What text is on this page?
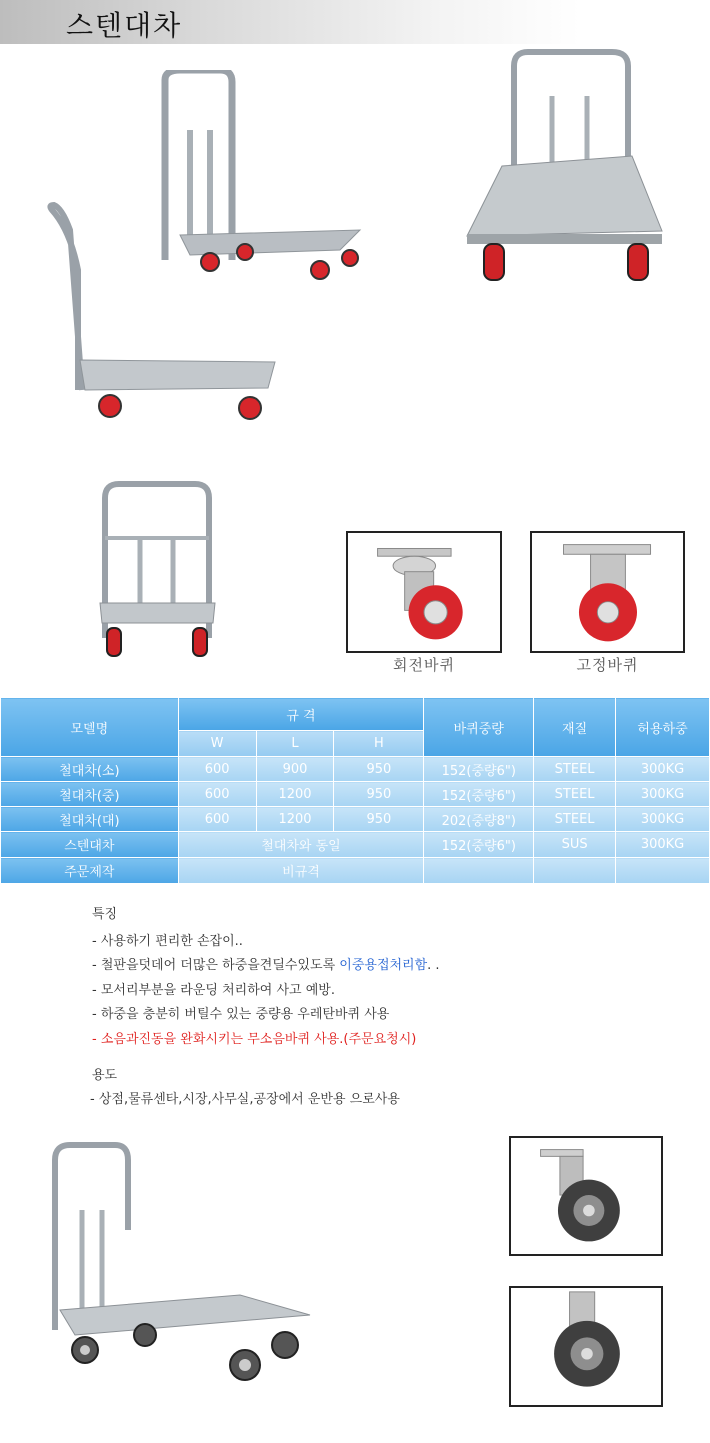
스텐대차
회전바퀴	고정바퀴
모델명	규 격			바퀴중량	재질	허용하중
	W	L	H			
철대차(소)	600	900	950	152(중량6")	STEEL	300KG
철대차(중)	600	1200	950	152(중량6")	STEEL	300KG
철대차(대)	600	1200	950	202(중량8")	STEEL	300KG
스텐대차	철대차와 동일			152(중량6")	SUS	300KG
주문제작	비규격					
특징
- 사용하기 편리한 손잡이..
- 철판을덧데어 더많은 하중을견딜수있도록 이중용접처리함. .
- 모서리부분을 라운딩 처리하여 사고 예방.
- 하중을 충분히 버틸수 있는 중량용 우레탄바퀴 사용
- 소음과진동을 완화시키는 무소음바퀴 사용.(주문요청시)
용도
- 상점,물류센타,시장,사무실,공장에서 운반용 으로사용
